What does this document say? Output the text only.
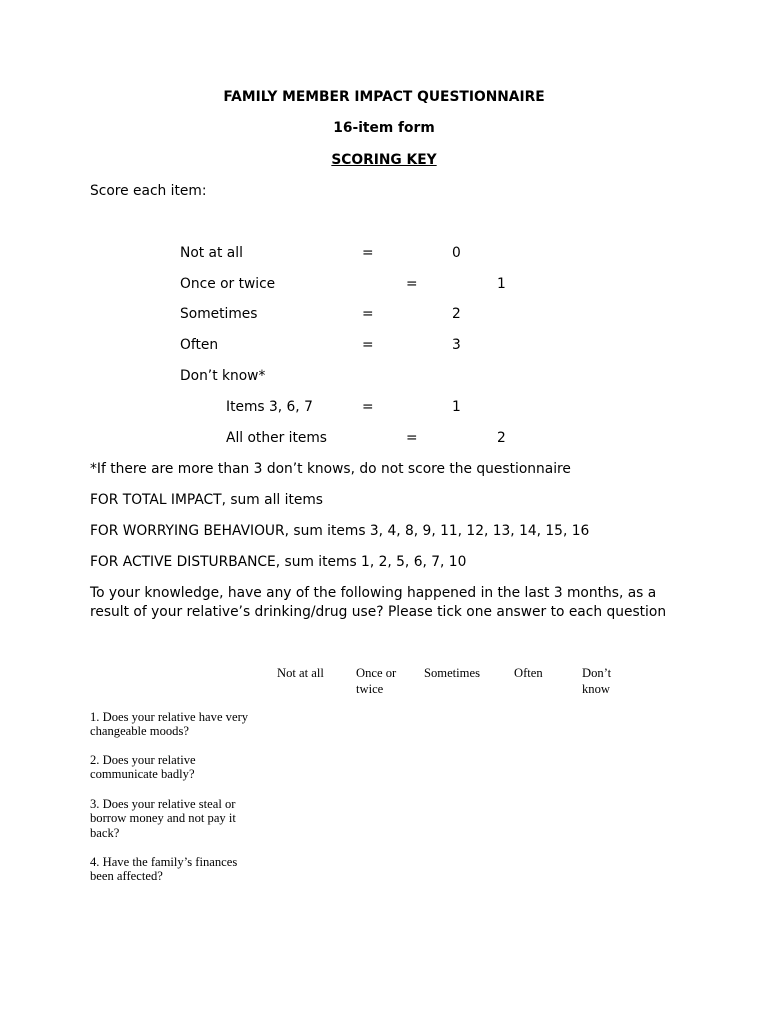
FAMILY MEMBER IMPACT QUESTIONNAIRE
16-item form
SCORING KEY
Score each item:
Not at all	=	0
Once or twice	=	1
Sometimes	=	2
Often	=	3
Don’t know*
Items 3, 6, 7	=	1
All other items	=	2
*If there are more than 3 don’t knows, do not score the questionnaire
FOR TOTAL IMPACT, sum all items
FOR WORRYING BEHAVIOUR, sum items 3, 4, 8, 9, 11, 12, 13, 14, 15, 16
FOR ACTIVE DISTURBANCE, sum items 1, 2, 5, 6, 7, 10
To your knowledge, have any of the following happened in the last 3 months, as a
result of your relative’s drinking/drug use? Please tick one answer to each question
Not at all	Once or
twice
Sometimes	Often	Don’t
know
1. Does your relative have very
changeable moods?
2. Does your relative
communicate badly?
3. Does your relative steal or
borrow money and not pay it
back?
4. Have the family’s finances
been affected?
